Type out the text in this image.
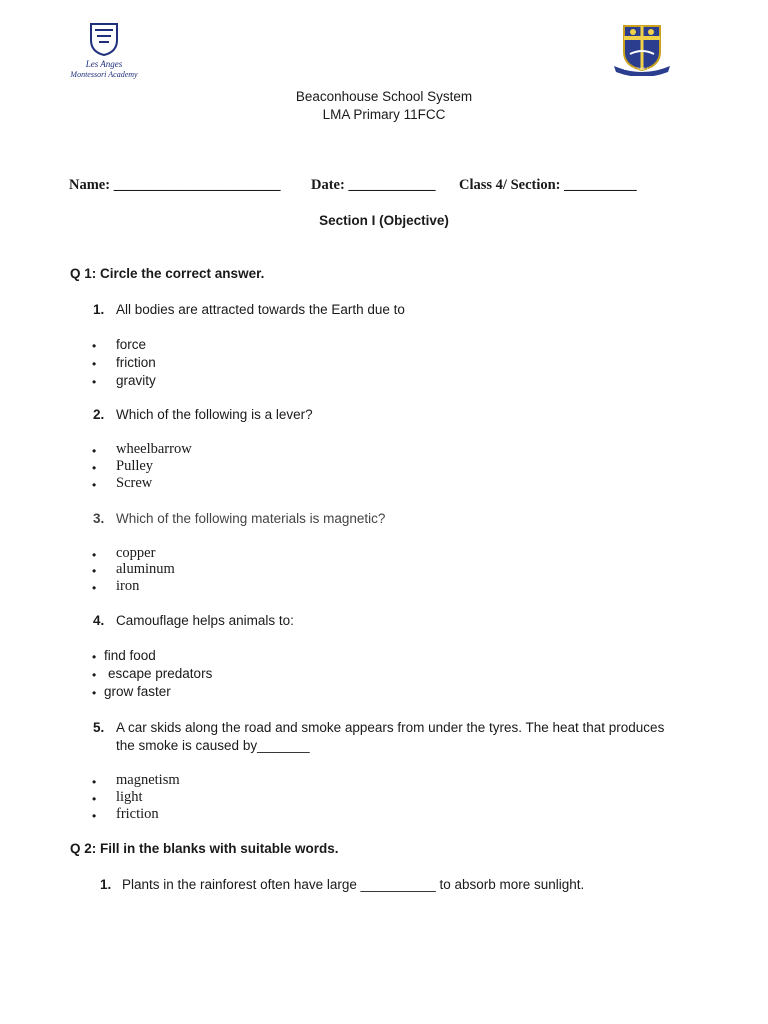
Les Anges
Montessori Academy
SEEK THE LIGHT
Beaconhouse School System
LMA Primary 11FCC
Name: _______________________ Date: ____________ Class 4/ Section: __________
Section I (Objective)
Q 1: Circle the correct answer.
1. All bodies are attracted towards the Earth due to
• force
• friction
• gravity
2. Which of the following is a lever?
• wheelbarrow
• Pulley
• Screw
3. Which of the following materials is magnetic?
• copper
• aluminum
• iron
4. Camouflage helps animals to:
• find food
• escape predators
• grow faster
5. A car skids along the road and smoke appears from under the tyres. The heat that produces
the smoke is caused by_______
• magnetism
• light
• friction
Q 2: Fill in the blanks with suitable words.
1. Plants in the rainforest often have large __________ to absorb more sunlight.
